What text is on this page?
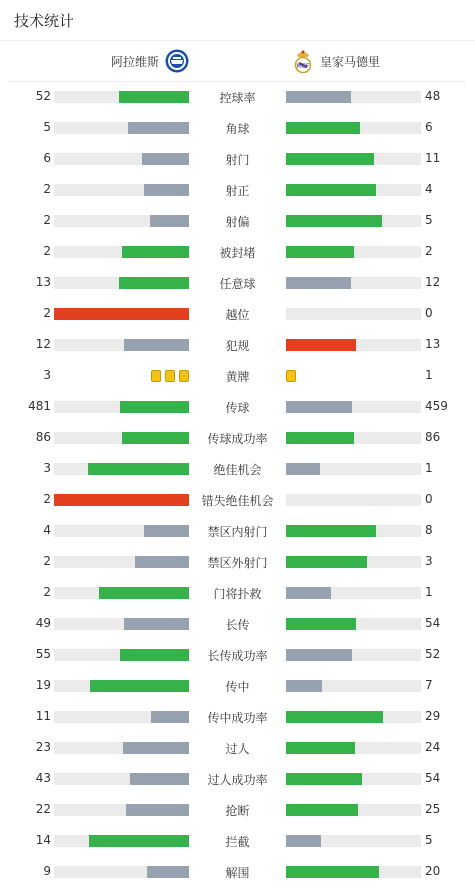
技术统计
阿拉维斯	MCF 皇家马德里
52	控球率	48
5	角球	6
6	射门	11
2	射正	4
2	射偏	5
2	被封堵	2
13	任意球	12
2	越位	0
12	犯规	13
3	黄牌	1
481	传球	459
86	传球成功率	86
3	绝佳机会	1
2	错失绝佳机会	0
4	禁区内射门	8
2	禁区外射门	3
2	门将扑救	1
49	长传	54
55	长传成功率	52
19	传中	7
11	传中成功率	29
23	过人	24
43	过人成功率	54
22	抢断	25
14	拦截	5
9	解围	20
